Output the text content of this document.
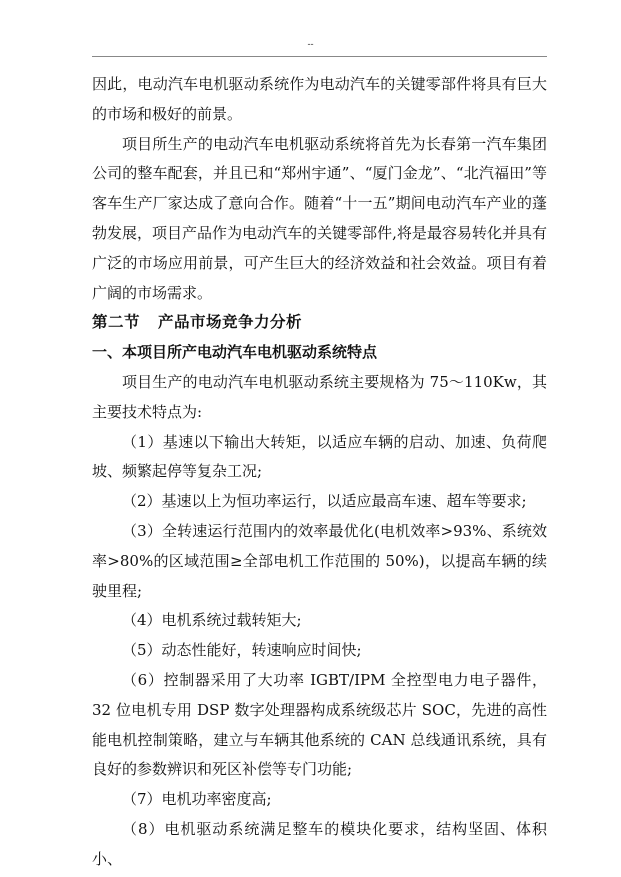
--

因此，电动汽车电机驱动系统作为电动汽车的关键零部件将具有巨大的市场和极好的前景。

项目所生产的电动汽车电机驱动系统将首先为长春第一汽车集团公司的整车配套，并且已和“郑州宇通”、“厦门金龙”、“北汽福田”等客车生产厂家达成了意向合作。随着“十一五”期间电动汽车产业的蓬勃发展，项目产品作为电动汽车的关键零部件,将是最容易转化并具有广泛的市场应用前景，可产生巨大的经济效益和社会效益。项目有着广阔的市场需求。

第二节 产品市场竞争力分析

一、本项目所产电动汽车电机驱动系统特点

项目生产的电动汽车电机驱动系统主要规格为 75～110Kw，其主要技术特点为:

（1）基速以下输出大转矩，以适应车辆的启动、加速、负荷爬坡、频繁起停等复杂工况;

（2）基速以上为恒功率运行，以适应最高车速、超车等要求;

（3）全转速运行范围内的效率最优化(电机效率>93%、系统效率>80%的区域范围≥全部电机工作范围的 50%)，以提高车辆的续驶里程;

（4）电机系统过载转矩大;

（5）动态性能好，转速响应时间快;

（6）控制器采用了大功率 IGBT/IPM 全控型电力电子器件，32 位电机专用 DSP 数字处理器构成系统级芯片 SOC，先进的高性能电机控制策略，建立与车辆其他系统的 CAN 总线通讯系统，具有良好的参数辨识和死区补偿等专门功能;

（7）电机功率密度高;

（8）电机驱动系统满足整车的模块化要求，结构坚固、体积小、
